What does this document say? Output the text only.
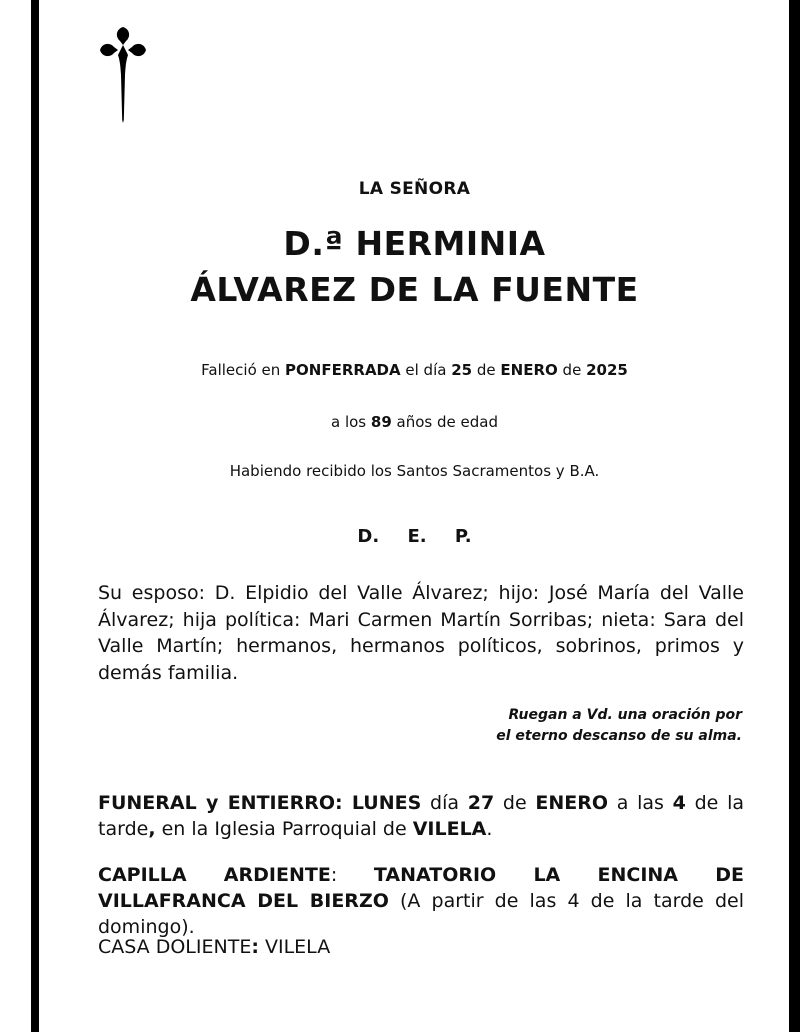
LA SEÑORA
D.ª HERMINIA
ÁLVAREZ DE LA FUENTE
Falleció en PONFERRADA el día 25 de ENERO de 2025
a los 89 años de edad
Habiendo recibido los Santos Sacramentos y B.A.
D. E. P.
Su esposo: D. Elpidio del Valle Álvarez; hijo: José María del Valle Álvarez; hija política: Mari Carmen Martín Sorribas; nieta: Sara del Valle Martín; hermanos, hermanos políticos, sobrinos, primos y demás familia.
Ruegan a Vd. una oración por
el eterno descanso de su alma.
FUNERAL y ENTIERRO: LUNES día 27 de ENERO a las 4 de la tarde, en la Iglesia Parroquial de VILELA.
CAPILLA ARDIENTE: TANATORIO LA ENCINA DE VILLAFRANCA DEL BIERZO (A partir de las 4 de la tarde del domingo).
CASA DOLIENTE: VILELA
